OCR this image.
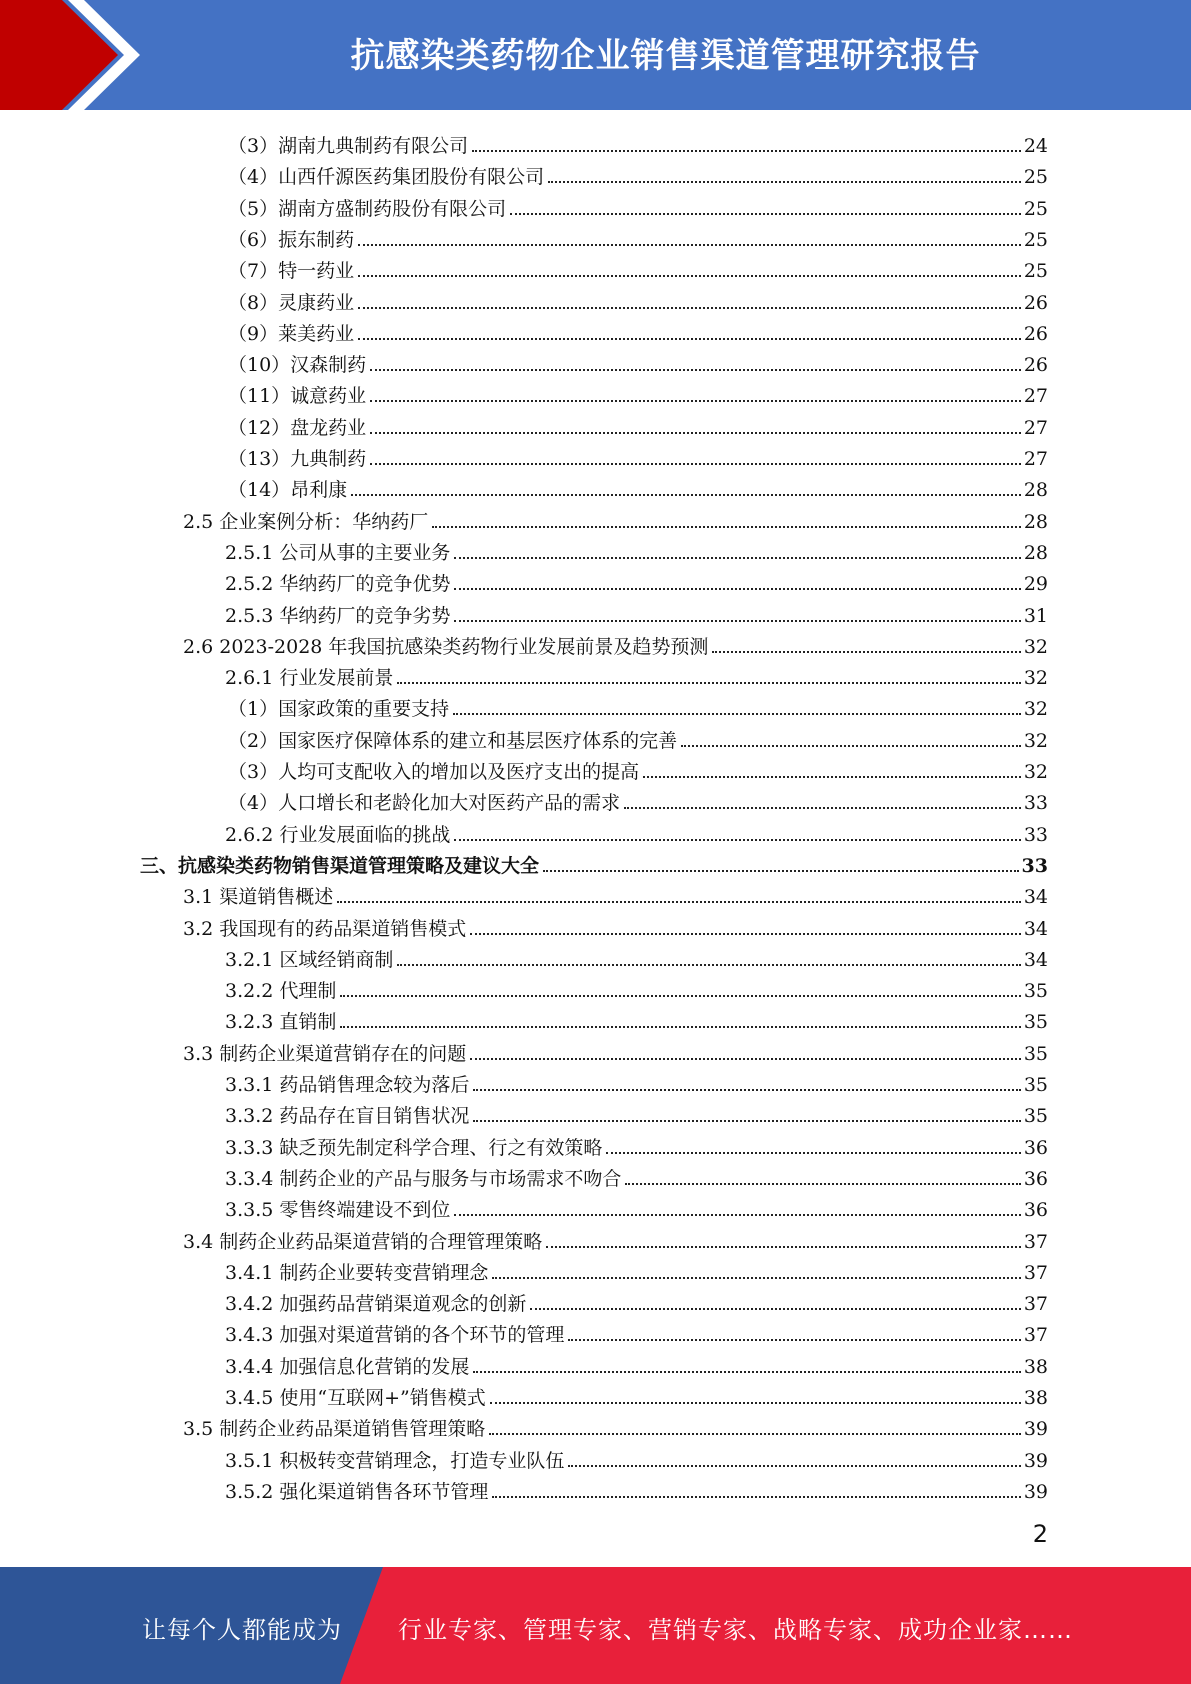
抗感染类药物企业销售渠道管理研究报告
（3）湖南九典制药有限公司	24
（4）山西仟源医药集团股份有限公司	25
（5）湖南方盛制药股份有限公司	25
（6）振东制药	25
（7）特一药业	25
（8）灵康药业	26
（9）莱美药业	26
（10）汉森制药	26
（11）诚意药业	27
（12）盘龙药业	27
（13）九典制药	27
（14）昂利康	28
2.5 企业案例分析：华纳药厂	28
2.5.1 公司从事的主要业务	28
2.5.2 华纳药厂的竞争优势	29
2.5.3 华纳药厂的竞争劣势	31
2.6 2023-2028 年我国抗感染类药物行业发展前景及趋势预测	32
2.6.1 行业发展前景	32
（1）国家政策的重要支持	32
（2）国家医疗保障体系的建立和基层医疗体系的完善	32
（3）人均可支配收入的增加以及医疗支出的提高	32
（4）人口增长和老龄化加大对医药产品的需求	33
2.6.2 行业发展面临的挑战	33
三、抗感染类药物销售渠道管理策略及建议大全	33
3.1 渠道销售概述	34
3.2 我国现有的药品渠道销售模式	34
3.2.1 区域经销商制	34
3.2.2 代理制	35
3.2.3 直销制	35
3.3 制药企业渠道营销存在的问题	35
3.3.1 药品销售理念较为落后	35
3.3.2 药品存在盲目销售状况	35
3.3.3 缺乏预先制定科学合理、行之有效策略	36
3.3.4 制药企业的产品与服务与市场需求不吻合	36
3.3.5 零售终端建设不到位	36
3.4 制药企业药品渠道营销的合理管理策略	37
3.4.1 制药企业要转变营销理念	37
3.4.2 加强药品营销渠道观念的创新	37
3.4.3 加强对渠道营销的各个环节的管理	37
3.4.4 加强信息化营销的发展	38
3.4.5 使用“互联网+”销售模式	38
3.5 制药企业药品渠道销售管理策略	39
3.5.1 积极转变营销理念，打造专业队伍	39
3.5.2 强化渠道销售各环节管理	39
2
让每个人都能成为 行业专家、管理专家、营销专家、战略专家、成功企业家……
